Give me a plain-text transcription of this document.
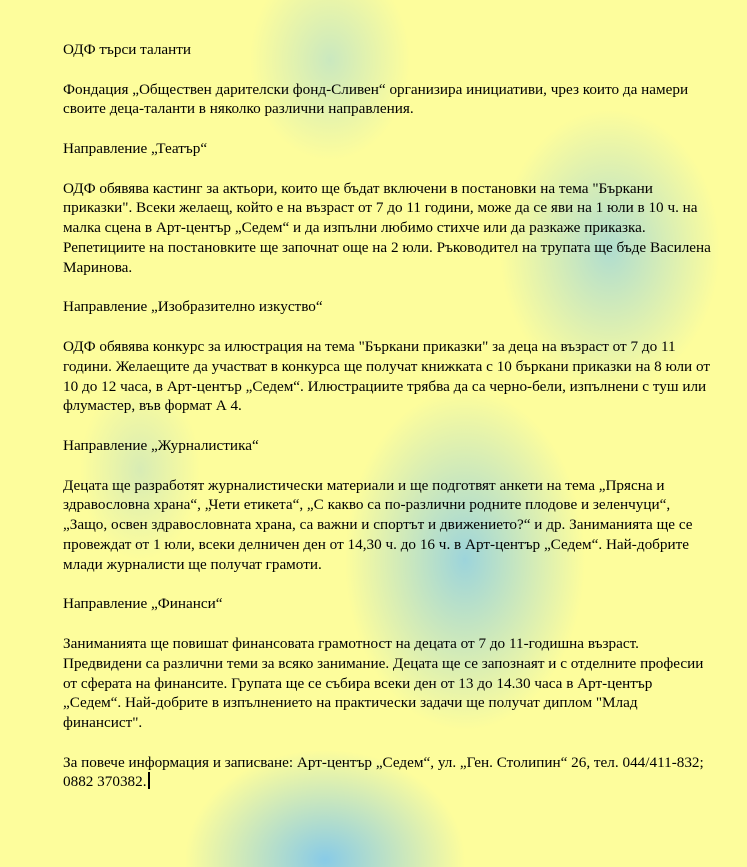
ОДФ търси таланти

Фондация „Обществен дарителски фонд-Сливен“ организира инициативи, чрез които да намери своите деца-таланти в няколко различни направления.

Направление „Театър“

ОДФ обявява кастинг за актьори, които ще бъдат включени в постановки на тема "Бъркани приказки". Всеки желаещ, който е на възраст от 7 до 11 години, може да се яви на 1 юли в 10 ч. на малка сцена в Арт-център „Седем“ и да изпълни любимо стихче или да разкаже приказка. Репетициите на постановките ще започнат още на 2 юли. Ръководител на трупата ще бъде Василена Маринова.

Направление „Изобразително изкуство“

ОДФ обявява конкурс за илюстрация на тема "Бъркани приказки" за деца на възраст от 7 до 11 години. Желаещите да участват в конкурса ще получат книжката с 10 бъркани приказки на 8 юли от 10 до 12 часа, в Арт-център „Седем“. Илюстрациите трябва да са черно-бели, изпълнени с туш или флумастер, във формат А 4.

Направление „Журналистика“

Децата ще разработят журналистически материали и ще подготвят анкети на тема „Прясна и здравословна храна“, „Чети етикета“, „С какво са по-различни родните плодове и зеленчуци“, „Защо, освен здравословната храна, са важни и спортът и движението?“ и др. Заниманията ще се провеждат от 1 юли, всеки делничен ден от 14,30 ч. до 16 ч. в Арт-център „Седем“. Най-добрите млади журналисти ще получат грамоти.

Направление „Финанси“

Заниманията ще повишат финансовата грамотност на децата от 7 до 11-годишна възраст. Предвидени са различни теми за всяко занимание. Децата ще се запознаят и с отделните професии от сферата на финансите. Групата ще се събира всеки ден от 13 до 14.30 часа в Арт-център „Седем“. Най-добрите в изпълнението на практически задачи ще получат диплом "Млад финансист".

За повече информация и записване: Арт-център „Седем“, ул. „Ген. Столипин“ 26, тел. 044/411-832; 0882 370382.
